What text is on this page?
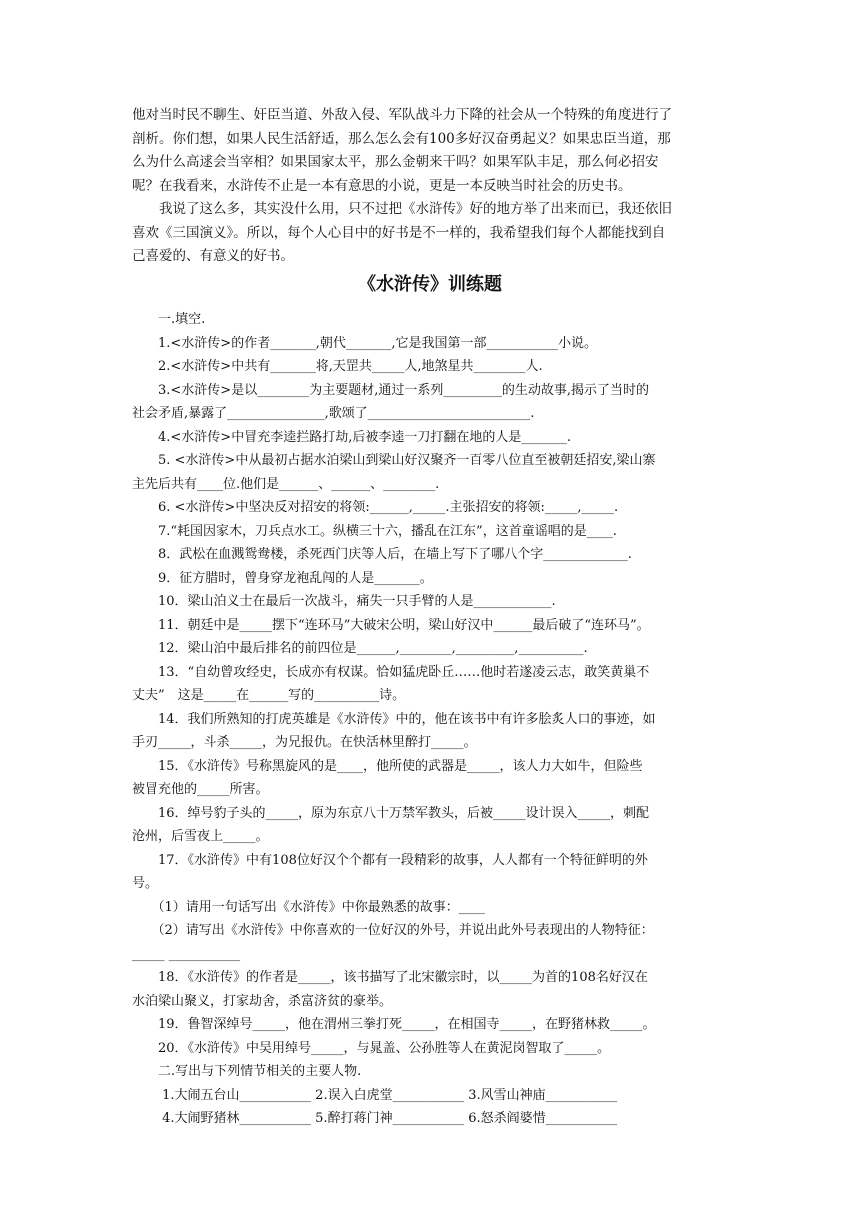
他对当时民不聊生、奸臣当道、外敌入侵、军队战斗力下降的社会从一个特殊的角度进行了
剖析。你们想，如果人民生活舒适，那么怎么会有100多好汉奋勇起义？如果忠臣当道，那
么为什么高逑会当宰相？如果国家太平，那么金朝来干吗？如果军队丰足，那么何必招安
呢？在我看来，水浒传不止是一本有意思的小说，更是一本反映当时社会的历史书。
　　我说了这么多，其实没什么用，只不过把《水浒传》好的地方举了出来而已，我还依旧
喜欢《三国演义》。所以，每个人心目中的好书是不一样的，我希望我们每个人都能找到自
己喜爱的、有意义的好书。
《水浒传》训练题
　　一.填空.
　　1.<水浒传>的作者_______,朝代_______,它是我国第一部___________小说。
　　2.<水浒传>中共有_______将,天罡共_____人,地煞星共________人.
　　3.<水浒传>是以________为主要题材,通过一系列_________的生动故事,揭示了当时的
社会矛盾,暴露了_______________,歌颂了_________________________.
　　4.<水浒传>中冒充李逵拦路打劫,后被李逵一刀打翻在地的人是_______.
　　5. <水浒传>中从最初占据水泊梁山到梁山好汉聚齐一百零八位直至被朝廷招安,梁山寨
主先后共有____位.他们是______、______、________.
　　6. <水浒传>中坚决反对招安的将领:______,_____.主张招安的将领:_____,_____.
　　7.“耗国因家木，刀兵点水工。纵横三十六，播乱在江东”，这首童谣唱的是____.
　　8．武松在血溅鸳鸯楼，杀死西门庆等人后，在墙上写下了哪八个字_____________.
　　9．征方腊时，曾身穿龙袍乱闯的人是_______。
　　10．梁山泊义士在最后一次战斗，痛失一只手臂的人是____________.
　　11．朝廷中是_____摆下“连环马”大破宋公明，梁山好汉中______最后破了“连环马”。
　　12．梁山泊中最后排名的前四位是______,________,_________,__________.
　　13．“自幼曾攻经史，长成亦有权谋。恰如猛虎卧丘……他时若遂凌云志，敢笑黄巢不
丈夫”　这是_____在______写的__________诗。
　　14．我们所熟知的打虎英雄是《水浒传》中的，他在该书中有许多脍炙人口的事迹，如
手刃_____，斗杀_____，为兄报仇。在快活林里醉打_____。
　　15．《水浒传》号称黑旋风的是____，他所使的武器是_____，该人力大如牛，但险些
被冒充他的_____所害。
　　16．绰号豹子头的_____，原为东京八十万禁军教头，后被_____设计误入_____，刺配
沧州，后雪夜上_____。
　　17．《水浒传》中有108位好汉个个都有一段精彩的故事，人人都有一个特征鲜明的外
号。
　　（1）请用一句话写出《水浒传》中你最熟悉的故事：____
　　（2）请写出《水浒传》中你喜欢的一位好汉的外号，并说出此外号表现出的人物特征：
_____ ___________
　　18．《水浒传》的作者是_____，该书描写了北宋徽宗时，以_____为首的108名好汉在
水泊梁山聚义，打家劫舍，杀富济贫的豪举。
　　19．鲁智深绰号_____，他在渭州三拳打死_____，在相国寺_____，在野猪林救_____。
　　20．《水浒传》中吴用绰号_____，与晁盖、公孙胜等人在黄泥岗智取了_____。
　　二.写出与下列情节相关的主要人物.
　　 1.大闹五台山___________ 2.误入白虎堂___________ 3.风雪山神庙___________
　　 4.大闹野猪林___________ 5.醉打蒋门神___________ 6.怒杀阎婆惜___________
